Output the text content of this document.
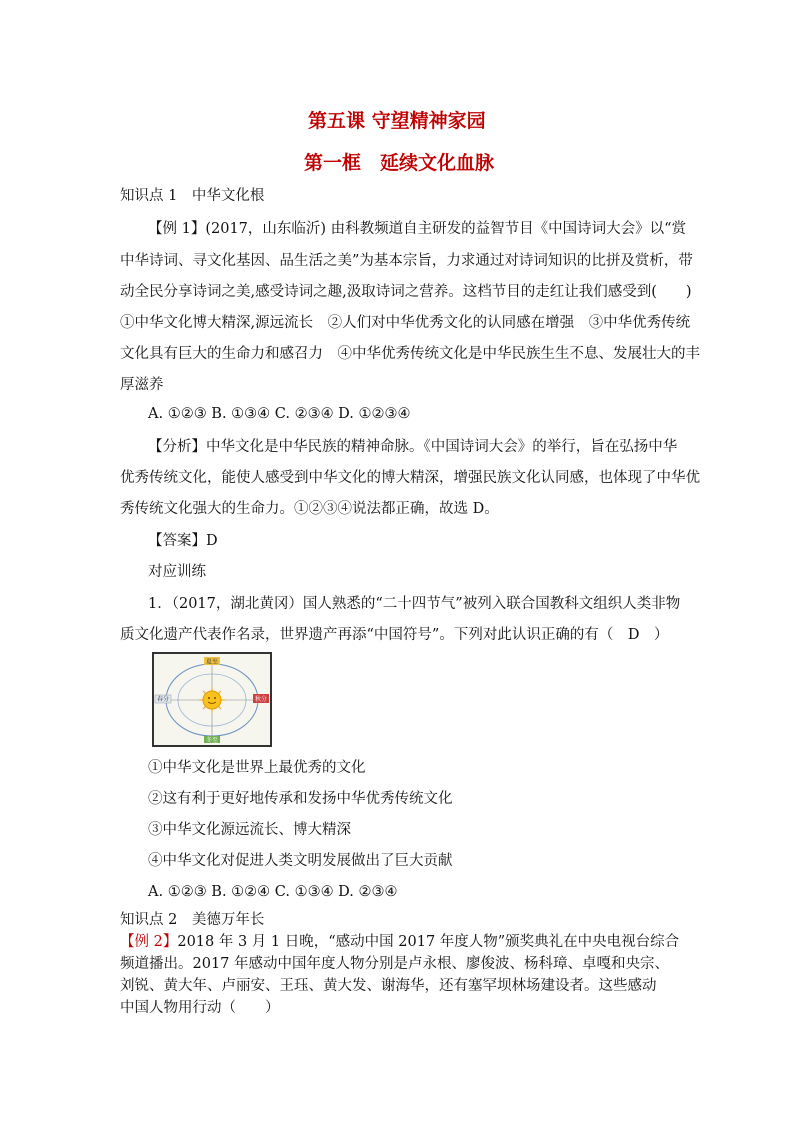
第五课 守望精神家园
第一框　延续文化血脉
知识点 1　中华文化根
【例 1】(2017，山东临沂) 由科教频道自主研发的益智节目《中国诗词大会》以“赏
中华诗词、寻文化基因、品生活之美”为基本宗旨，力求通过对诗词知识的比拼及赏析，带
动全民分享诗词之美,感受诗词之趣,汲取诗词之营养。这档节目的走红让我们感受到(　　)
①中华文化博大精深,源远流长　②人们对中华优秀文化的认同感在增强　③中华优秀传统
文化具有巨大的生命力和感召力　④中华优秀传统文化是中华民族生生不息、发展壮大的丰
厚滋养
A. ①②③ B. ①③④ C. ②③④ D. ①②③④
【分析】中华文化是中华民族的精神命脉。《中国诗词大会》的举行，旨在弘扬中华
优秀传统文化，能使人感受到中华文化的博大精深，增强民族文化认同感，也体现了中华优
秀传统文化强大的生命力。①②③④说法都正确，故选 D。
【答案】D
对应训练
1．（2017，湖北黄冈）国人熟悉的“二十四节气”被列入联合国教科文组织人类非物
质文化遗产代表作名录，世界遗产再添“中国符号”。下列对此认识正确的有（　D　）
夏至
秋分
冬至
春分
①中华文化是世界上最优秀的文化
②这有利于更好地传承和发扬中华优秀传统文化
③中华文化源远流长、博大精深
④中华文化对促进人类文明发展做出了巨大贡献
A. ①②③ B. ①②④ C. ①③④ D. ②③④
知识点 2　美德万年长
【例 2】2018 年 3 月 1 日晚，“感动中国 2017 年度人物”颁奖典礼在中央电视台综合
频道播出。2017 年感动中国年度人物分别是卢永根、廖俊波、杨科璋、卓嘎和央宗、
刘锐、黄大年、卢丽安、王珏、黄大发、谢海华，还有塞罕坝林场建设者。这些感动
中国人物用行动（　　）
